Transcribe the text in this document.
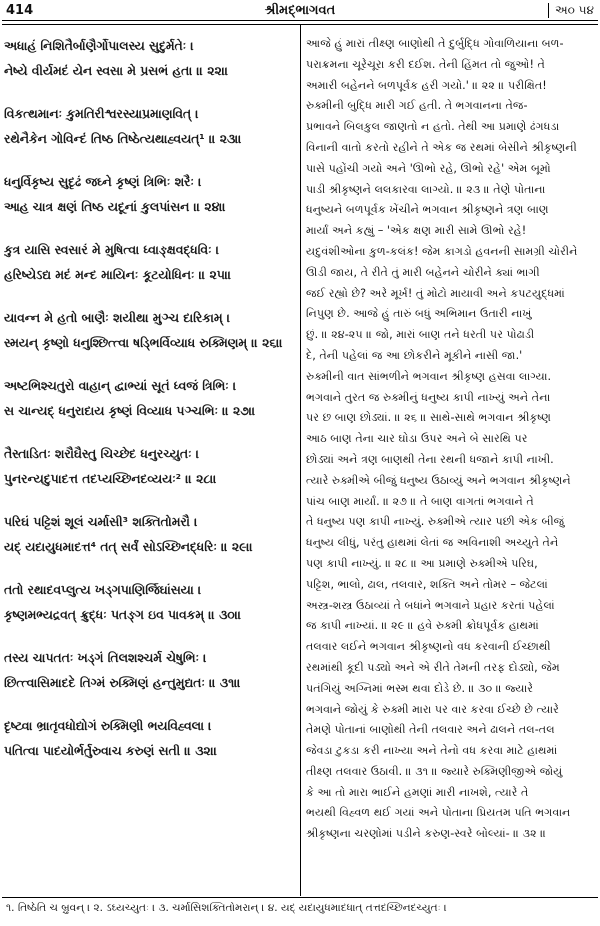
414	શ્રીમદ્ભાગવત	અ૦ ૫૪
અધાહં નિશિતૈર્બાણૈર્ગોપાલસ્ય સુદુર્મતેઃ ।
નેષ્યે વીર્યમદં યેન સ્વસા મે પ્રસભં હતા ॥ ૨૨॥
વિકત્થમાનઃ કુમતિરીશ્વરસ્યાપ્રમાણવિત્ ।
રથેનૈકેન ગોવિન્દં તિષ્ઠ તિષ્ઠેત્યથાહ્વયત્¹ ॥ ૨૩॥
ધનુર્વિકૃષ્ય સુદૃઢં જઘ્ને કૃષ્ણં ત્રિભિઃ શરૈઃ ।
આહ ચાત્ર ક્ષણં તિષ્ઠ યદૂનાં કુલપાંસન ॥ ૨૪॥
કુત્ર યાસિ સ્વસારં મે મુષિત્વા ધ્વાઙ્ક્ષવદ્ધવિઃ ।
હરિષ્યેઽદ્ય મદં મન્દ માયિનઃ કૂટયોધિનઃ ॥ ૨૫॥
યાવન્ન મે હતો બાણૈઃ શયીથા મુઞ્ચ દારિકામ્ ।
સ્મયન્ કૃષ્ણો ધનુશ્છિત્ત્વા ષડ્ભિર્વિવ્યાધ રુક્મિણમ્ ॥ ૨૬॥
અષ્ટભિશ્ચતુરો વાહાન્ દ્વાભ્યાં સૂતં ધ્વજં ત્રિભિઃ ।
સ ચાન્યદ્ ધનુરાદાય કૃષ્ણં વિવ્યાધ પઞ્ચભિઃ ॥ ૨૭॥
તૈસ્તાડિતઃ શરૌઘૈસ્તુ ચિચ્છેદ ધનુરચ્યુતઃ ।
પુનરન્યદુપાદત્ત તદપ્યચ્છિનદવ્યયઃ² ॥ ૨૮॥
પરિઘં પટ્ટિશં શૂલં ચર્માસી³ શક્તિતોમરૌ ।
યદ્ યદાયુધમાદત્ત⁴ તત્ સર્વં સોઽચ્છિનદ્ધરિઃ ॥ ૨૯॥
તતો રથાદવપ્લુત્ય ખડ્ગપાણિર્જિઘાંસયા ।
કૃષ્ણમભ્યદ્રવત્ ક્રુદ્ધઃ પતઙ્ગ ઇવ પાવકમ્ ॥ ૩૦॥
તસ્ય ચાપતતઃ ખડ્ગં તિલશશ્ચર્મ ચેષુભિઃ ।
છિત્ત્વાસિમાદદે તિગ્મં રુક્મિણં હન્તુમુદ્યતઃ ॥ ૩૧॥
દૃષ્ટ્વા ભ્રાતૃવધોદ્યોગં રુક્મિણી ભયવિહ્વલા ।
પતિત્વા પાદયોર્ભર્તુરુવાચ કરુણં સતી ॥ ૩૨॥
આજે હું મારાં તીક્ષ્ણ બાણોથી તે દુર્બુદ્ધિ ગોવાળિયાના બળ-
પરાક્રમના ચૂરેચૂરા કરી દઈશ. તેની હિંમત તો જુઓ! તે
અમારી બહેનને બળપૂર્વક હરી ગયો.' ॥ ૨૨ ॥ પરીક્ષિત!
રુક્મીની બુદ્ધિ મારી ગઈ હતી. તે ભગવાનના તેજ-
પ્રભાવને બિલકુલ જાણતો ન હતો. તેથી આ પ્રમાણે ઢંગધડા
વિનાની વાતો કરતો રહીને તે એક જ રથમાં બેસીને શ્રીકૃષ્ણની
પાસે પહોંચી ગયો અને 'ઊભો રહે, ઊભો રહે' એમ બૂમો
પાડી શ્રીકૃષ્ણને લલકારવા લાગ્યો. ॥ ૨૩ ॥ તેણે પોતાના
ધનુષ્યને બળપૂર્વક ખેંચીને ભગવાન શ્રીકૃષ્ણને ત્રણ બાણ
માર્યાં અને કહ્યું – 'એક ક્ષણ મારી સામે ઊભો રહે!
યદુવંશીઓના કુળ-કલંક! જેમ કાગડો હવનની સામગ્રી ચોરીને
ઊડી જાય, તે રીતે તું મારી બહેનને ચોરીને ક્યાં ભાગી
જઈ રહ્યો છે? અરે મૂર્ખ! તું મોટો માયાવી અને કપટયુદ્ધમાં
નિપુણ છે. આજે હું તારું બધું અભિમાન ઉતારી નાખું
છું. ॥ ૨૪-૨૫ ॥ જો, મારાં બાણ તને ધરતી પર પોઢાડી
દે, તેની પહેલાં જ આ છોકરીને મૂકીને નાસી જા.'
રુક્મીની વાત સાંભળીને ભગવાન શ્રીકૃષ્ણ હસવા લાગ્યા.
ભગવાને તુરત જ રુક્મીનું ધનુષ્ય કાપી નાખ્યું અને તેના
પર છ બાણ છોડ્યાં. ॥ ૨૬ ॥ સાથે-સાથે ભગવાન શ્રીકૃષ્ણ
આઠ બાણ તેના ચાર ઘોડા ઉપર અને બે સારથિ પર
છોડ્યાં અને ત્રણ બાણથી તેના રથની ધજાને કાપી નાખી.
ત્યારે રુક્મીએ બીજું ધનુષ્ય ઉઠાવ્યું અને ભગવાન શ્રીકૃષ્ણને
પાંચ બાણ માર્યાં. ॥ ૨૭ ॥ તે બાણ વાગતાં ભગવાને તે
તે ધનુષ્ય પણ કાપી નાખ્યું. રુક્મીએ ત્યાર પછી એક બીજું
ધનુષ્ય લીધું, પરંતુ હાથમાં લેતાં જ અવિનાશી અચ્યુતે તેને
પણ કાપી નાખ્યું. ॥ ૨૮ ॥ આ પ્રમાણે રુક્મીએ પરિઘ,
પટ્ટિશ, ભાલો, ઢાલ, તલવાર, શક્તિ અને તોમર – જેટલાં
અસ્ત્ર-શસ્ત્ર ઉઠાવ્યાં તે બધાંને ભગવાને પ્રહાર કરતાં પહેલાં
જ કાપી નાખ્યાં. ॥ ૨૯ ॥ હવે રુક્મી ક્રોધપૂર્વક હાથમાં
તલવાર લઈને ભગવાન શ્રીકૃષ્ણનો વધ કરવાની ઈચ્છાથી
રથમાંથી કૂદી પડ્યો અને એ રીતે તેમની તરફ દોડ્યો, જેમ
પતંગિયું અગ્નિમાં ભસ્મ થવા દોડે છે. ॥ ૩૦ ॥ જ્યારે
ભગવાને જોયું કે રુક્મી મારા પર વાર કરવા ઈચ્છે છે ત્યારે
તેમણે પોતાનાં બાણોથી તેની તલવાર અને ઢાલને તલ-તલ
જેવડા ટુકડા કરી નાખ્યા અને તેનો વધ કરવા માટે હાથમાં
તીક્ષ્ણ તલવાર ઉઠાવી. ॥ ૩૧ ॥ જ્યારે રુક્મિણીજીએ જોયું
કે આ તો મારા ભાઈને હમણાં મારી નાખશે, ત્યારે તે
ભયથી વિહ્વળ થઈ ગયાં અને પોતાના પ્રિયતમ પતિ ભગવાન
શ્રીકૃષ્ણના ચરણોમાં પડીને કરુણ-સ્વરે બોલ્યાં- ॥ ૩૨ ॥
૧. તિષ્ઠેતિ ચ બ્રુવન્ । ૨. ઽઘ્યચ્યુતઃ । ૩. ચર્માસિશક્તિતોમરાન્ । ૪. યદ્ યદાયુધમાદધાત્ તત્તદચ્છિનદચ્યુતઃ ।
